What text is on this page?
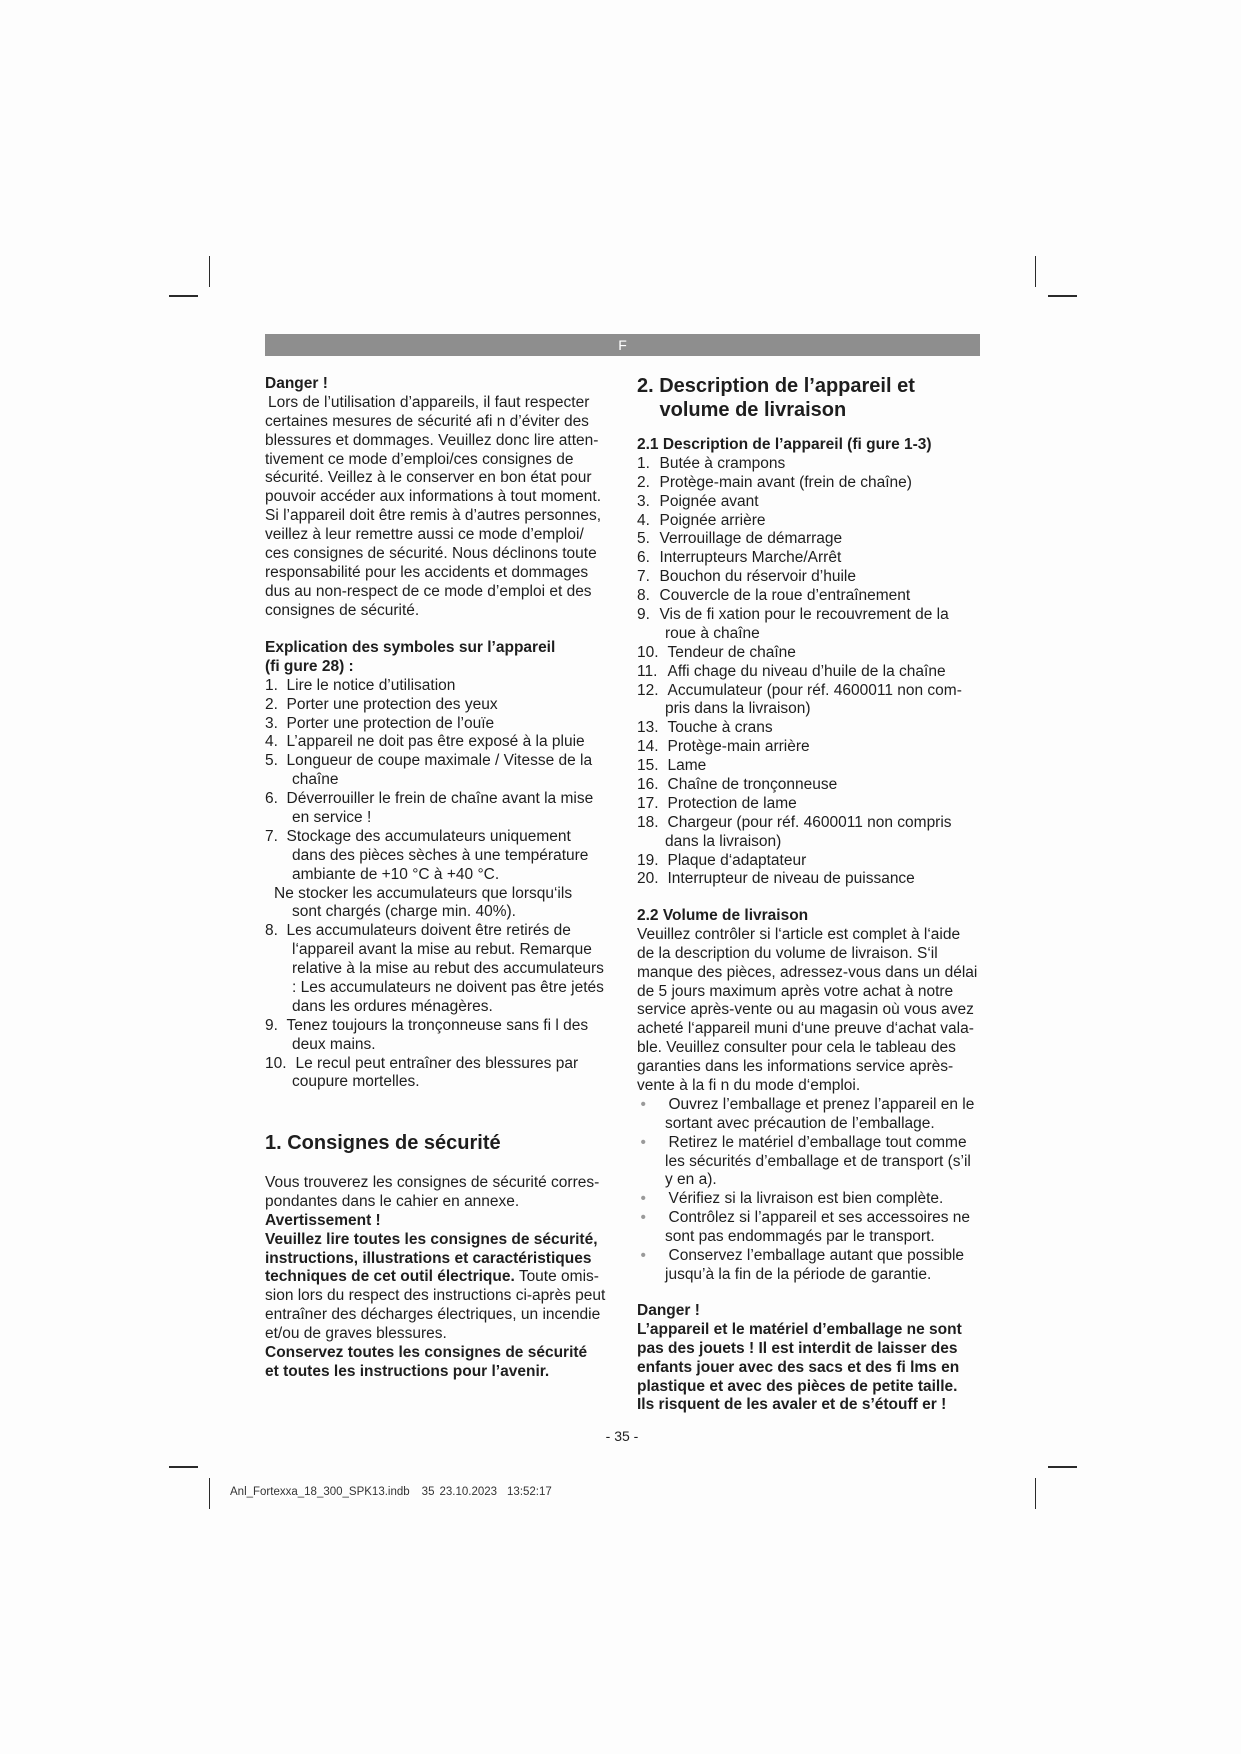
F
Danger !
Lors de l’utilisation d’appareils, il faut respecter
certaines mesures de sécurité afi n d’éviter des
blessures et dommages. Veuillez donc lire atten-
tivement ce mode d’emploi/ces consignes de
sécurité. Veillez à le conserver en bon état pour
pouvoir accéder aux informations à tout moment.
Si l’appareil doit être remis à d’autres personnes,
veillez à leur remettre aussi ce mode d’emploi/
ces consignes de sécurité. Nous déclinons toute
responsabilité pour les accidents et dommages
dus au non-respect de ce mode d’emploi et des
consignes de sécurité.
Explication des symboles sur l’appareil
(fi gure 28) :
1. Lire le notice d’utilisation
2. Porter une protection des yeux
3. Porter une protection de l’ouïe
4. L’appareil ne doit pas être exposé à la pluie
5. Longueur de coupe maximale / Vitesse de la
chaîne
6. Déverrouiller le frein de chaîne avant la mise
en service !
7. Stockage des accumulateurs uniquement
dans des pièces sèches à une température
ambiante de +10 °C à +40 °C.
Ne stocker les accumulateurs que lorsqu‘ils
sont chargés (charge min. 40%).
8. Les accumulateurs doivent être retirés de
l‘appareil avant la mise au rebut. Remarque
relative à la mise au rebut des accumulateurs
: Les accumulateurs ne doivent pas être jetés
dans les ordures ménagères.
9. Tenez toujours la tronçonneuse sans fi l des
deux mains.
10. Le recul peut entraîner des blessures par
coupure mortelles.
1. Consignes de sécurité
Vous trouverez les consignes de sécurité corres-
pondantes dans le cahier en annexe.
Avertissement !
Veuillez lire toutes les consignes de sécurité,
instructions, illustrations et caractéristiques
techniques de cet outil électrique. Toute omis-
sion lors du respect des instructions ci-après peut
entraîner des décharges électriques, un incendie
et/ou de graves blessures.
Conservez toutes les consignes de sécurité
et toutes les instructions pour l’avenir.
2. Description de l’appareil et
volume de livraison
2.1 Description de l’appareil (fi gure 1-3)
1. Butée à crampons
2. Protège-main avant (frein de chaîne)
3. Poignée avant
4. Poignée arrière
5. Verrouillage de démarrage
6. Interrupteurs Marche/Arrêt
7. Bouchon du réservoir d’huile
8. Couvercle de la roue d’entraînement
9. Vis de fi xation pour le recouvrement de la
roue à chaîne
10. Tendeur de chaîne
11. Affi chage du niveau d’huile de la chaîne
12. Accumulateur (pour réf. 4600011 non com-
pris dans la livraison)
13. Touche à crans
14. Protège-main arrière
15. Lame
16. Chaîne de tronçonneuse
17. Protection de lame
18. Chargeur (pour réf. 4600011 non compris
dans la livraison)
19. Plaque d‘adaptateur
20. Interrupteur de niveau de puissance
2.2 Volume de livraison
Veuillez contrôler si l‘article est complet à l‘aide
de la description du volume de livraison. S‘il
manque des pièces, adressez-vous dans un délai
de 5 jours maximum après votre achat à notre
service après-vente ou au magasin où vous avez
acheté l‘appareil muni d‘une preuve d‘achat vala-
ble. Veuillez consulter pour cela le tableau des
garanties dans les informations service après-
vente à la fi n du mode d‘emploi.
• Ouvrez l’emballage et prenez l’appareil en le
sortant avec précaution de l’emballage.
• Retirez le matériel d’emballage tout comme
les sécurités d’emballage et de transport (s’il
y en a).
• Vérifiez si la livraison est bien complète.
• Contrôlez si l’appareil et ses accessoires ne
sont pas endommagés par le transport.
• Conservez l’emballage autant que possible
jusqu’à la fin de la période de garantie.
Danger !
L’appareil et le matériel d’emballage ne sont
pas des jouets ! Il est interdit de laisser des
enfants jouer avec des sacs et des fi lms en
plastique et avec des pièces de petite taille.
Ils risquent de les avaler et de s’étouff er !
- 35 -
Anl_Fortexxa_18_300_SPK13.indb 35 23.10.2023 13:52:17
